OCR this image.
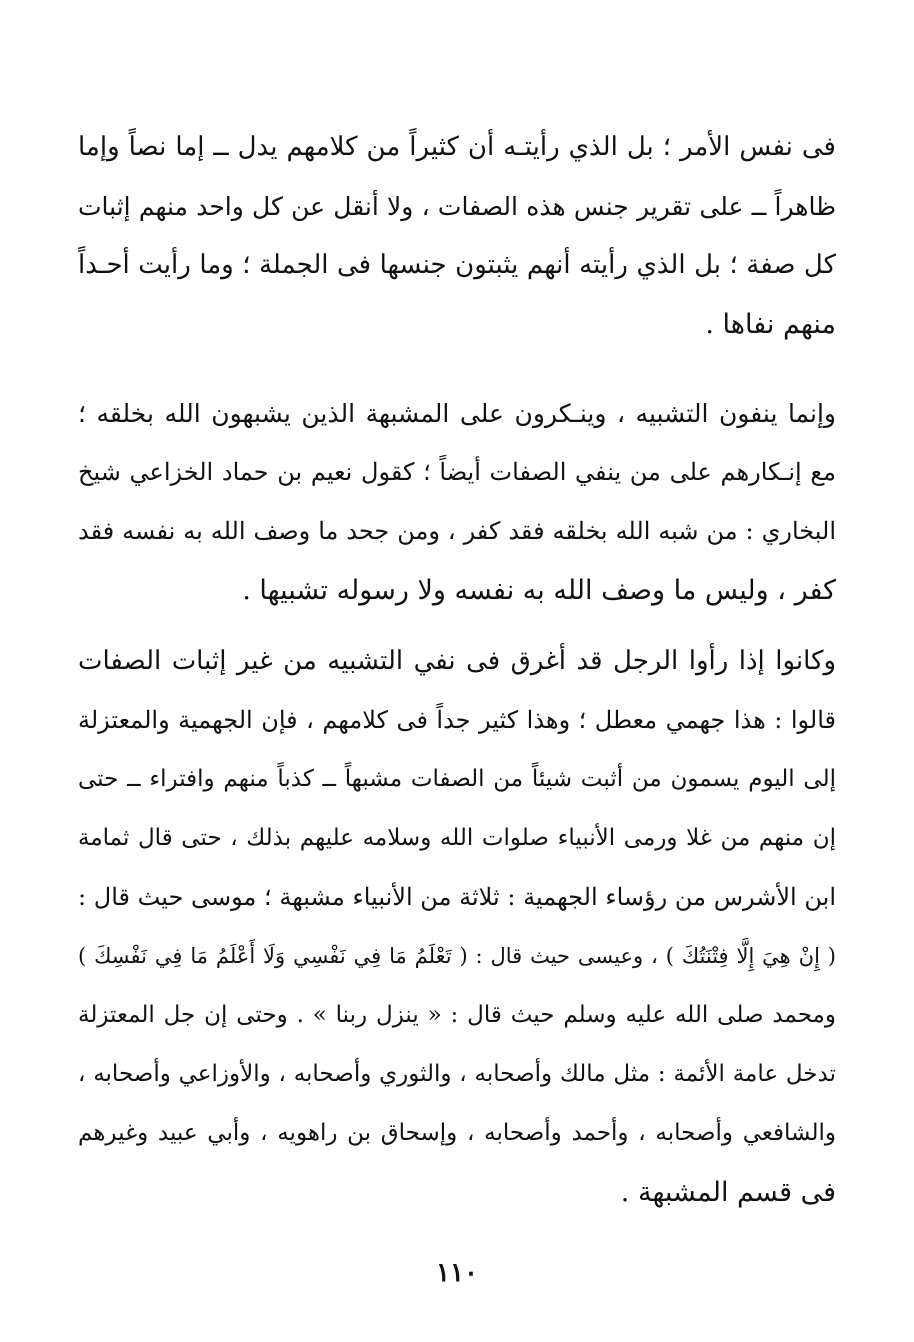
فى نفس الأمر ؛ بل الذي رأيتـه أن كثيراً من كلامهم يدل ــ إما نصاً وإما
ظاهراً ــ على تقرير جنس هذه الصفات ، ولا أنقل عن كل واحد منهم إثبات
كل صفة ؛ بل الذي رأيته أنهم يثبتون جنسها فى الجملة ؛ وما رأيت أحـداً
منهم نفاها .
وإنما ينفون التشبيه ، وينـكرون على المشبهة الذين يشبهون الله بخلقه ؛
مع إنـكارهم على من ينفي الصفات أيضاً ؛ كقول نعيم بن حماد الخزاعي شيخ
البخاري : من شبه الله بخلقه فقد كفر ، ومن جحد ما وصف الله به نفسه فقد
كفر ، وليس ما وصف الله به نفسه ولا رسوله تشبيها .
وكانوا إذا رأوا الرجل قد أغرق فى نفي التشبيه من غير إثبات الصفات
قالوا : هذا جهمي معطل ؛ وهذا كثير جداً فى كلامهم ، فإن الجهمية والمعتزلة
إلى اليوم يسمون من أثبت شيئاً من الصفات مشبهاً ــ كذباً منهم وافتراء ــ حتى
إن منهم من غلا ورمى الأنبياء صلوات الله وسلامه عليهم بذلك ، حتى قال ثمامة
ابن الأشرس من رؤساء الجهمية : ثلاثة من الأنبياء مشبهة ؛ موسى حيث قال :
( إِنْ هِيَ إِلَّا فِتْنَتُكَ ) ، وعيسى حيث قال : ( تَعْلَمُ مَا فِي نَفْسِي وَلَا أَعْلَمُ مَا فِي نَفْسِكَ )
ومحمد صلى الله عليه وسلم حيث قال : « ينزل ربنا » . وحتى إن جل المعتزلة
تدخل عامة الأئمة : مثل مالك وأصحابه ، والثوري وأصحابه ، والأوزاعي وأصحابه ،
والشافعي وأصحابه ، وأحمد وأصحابه ، وإسحاق بن راهويه ، وأبي عبيد وغيرهم
فى قسم المشبهة .
١١٠
